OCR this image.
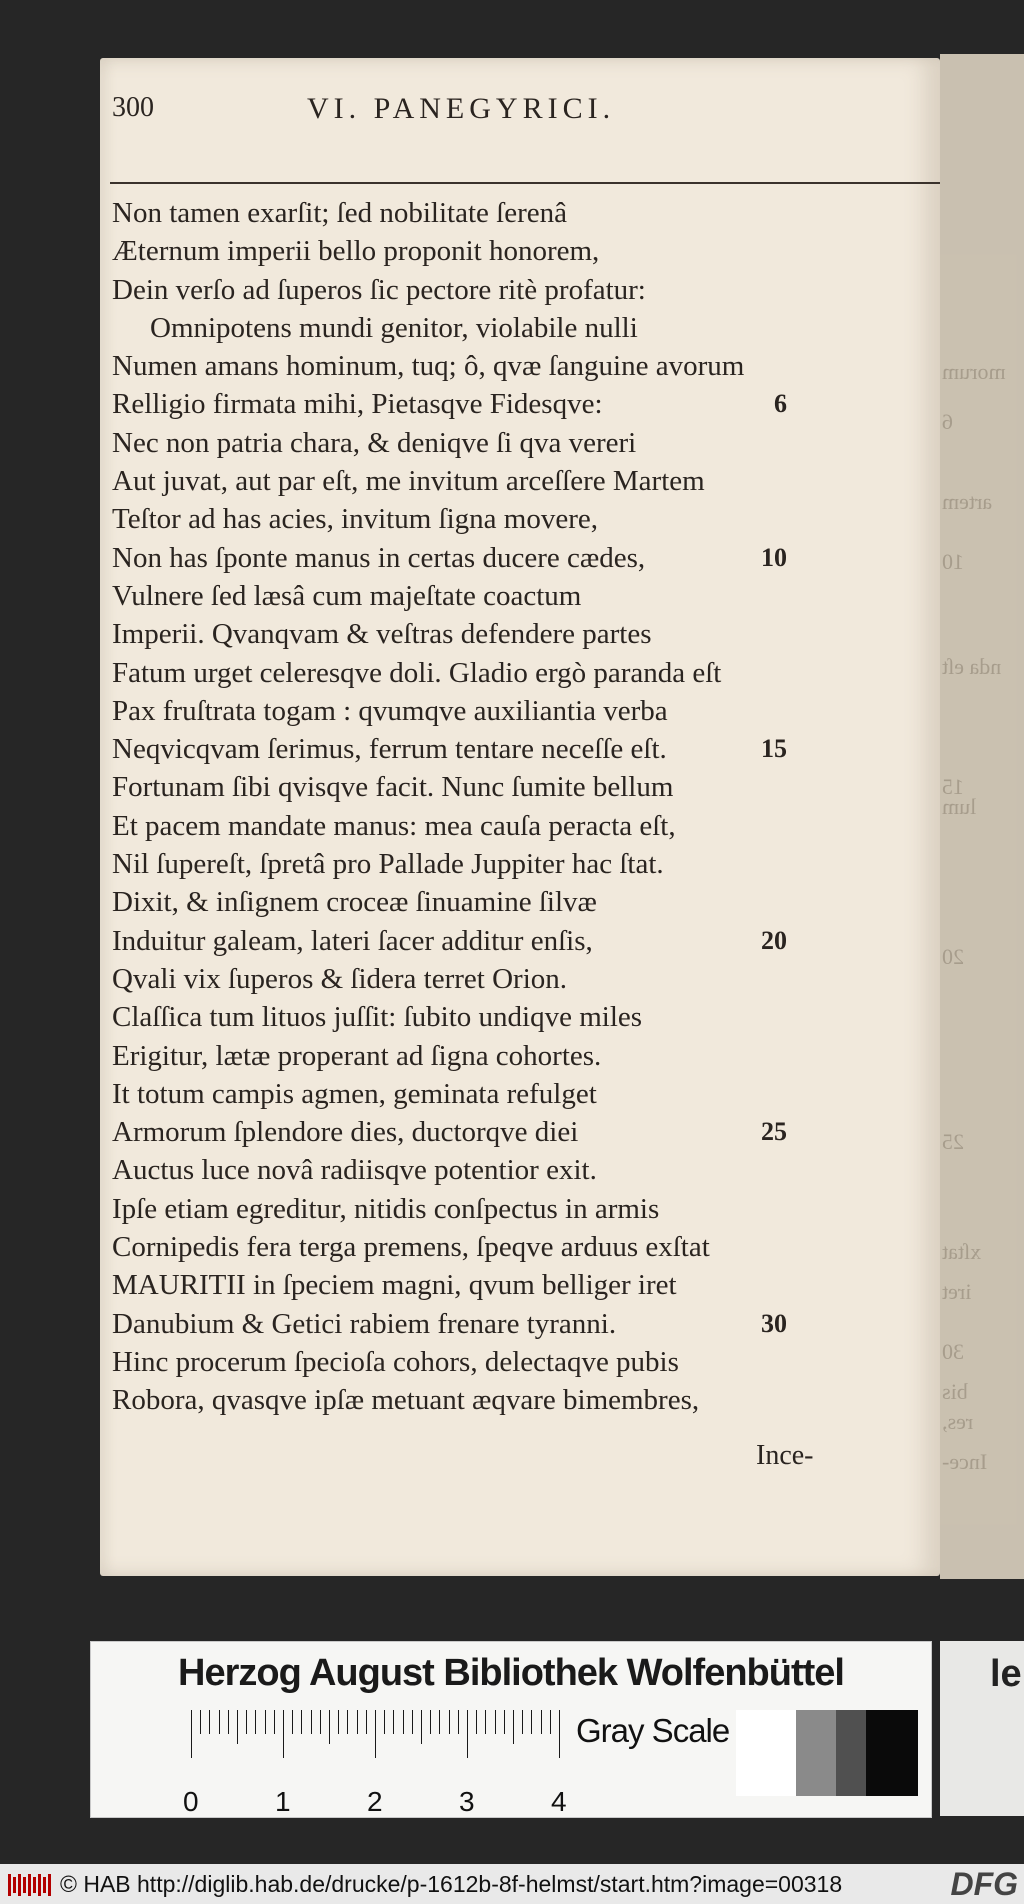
morum
6
artem
10
nda eſt
15
lum
20
25
xſtat
iret
30
bis
res,
Ince-
300	VI. PANEGYRICI.
Non tamen exarſit; ſed nobilitate ſerenâ
Æternum imperii bello proponit honorem,
Dein verſo ad ſuperos ſic pectore ritè profatur:
Omnipotens mundi genitor, violabile nulli
Numen amans hominum, tuq; ô, qvæ ſanguine avorum
Relligio firmata mihi, Pietasqve Fidesqve:	6
Nec non patria chara, & deniqve ſi qva vereri
Aut juvat, aut par eſt, me invitum arceſſere Martem
Teſtor ad has acies, invitum ſigna movere,
Non has ſponte manus in certas ducere cædes,	10
Vulnere ſed læsâ cum majeſtate coactum
Imperii. Qvanqvam & veſtras defendere partes
Fatum urget celeresqve doli. Gladio ergò paranda eſt
Pax fruſtrata togam : qvumqve auxiliantia verba
Neqvicqvam ſerimus, ferrum tentare neceſſe eſt.	15
Fortunam ſibi qvisqve facit. Nunc ſumite bellum
Et pacem mandate manus: mea cauſa peracta eſt,
Nil ſupereſt, ſpretâ pro Pallade Juppiter hac ſtat.
Dixit, & inſignem croceæ ſinuamine ſilvæ
Induitur galeam, lateri ſacer additur enſis,	20
Qvali vix ſuperos & ſidera terret Orion.
Claſſica tum lituos juſſit: ſubito undiqve miles
Erigitur, lætæ properant ad ſigna cohortes.
It totum campis agmen, geminata refulget
Armorum ſplendore dies, ductorqve diei	25
Auctus luce novâ radiisqve potentior exit.
Ipſe etiam egreditur, nitidis conſpectus in armis
Cornipedis fera terga premens, ſpeqve arduus exſtat
MAURITII in ſpeciem magni, qvum belliger iret
Danubium & Getici rabiem frenare tyranni.	30
Hinc procerum ſpecioſa cohors, delectaqve pubis
Robora, qvasqve ipſæ metuant æqvare bimembres,
Ince-
Herzog August Bibliothek Wolfenbüttel
0	1	2	3	4
Gray Scale
le
© HAB http://diglib.hab.de/drucke/p-1612b-8f-helmst/start.htm?image=00318	DFG
